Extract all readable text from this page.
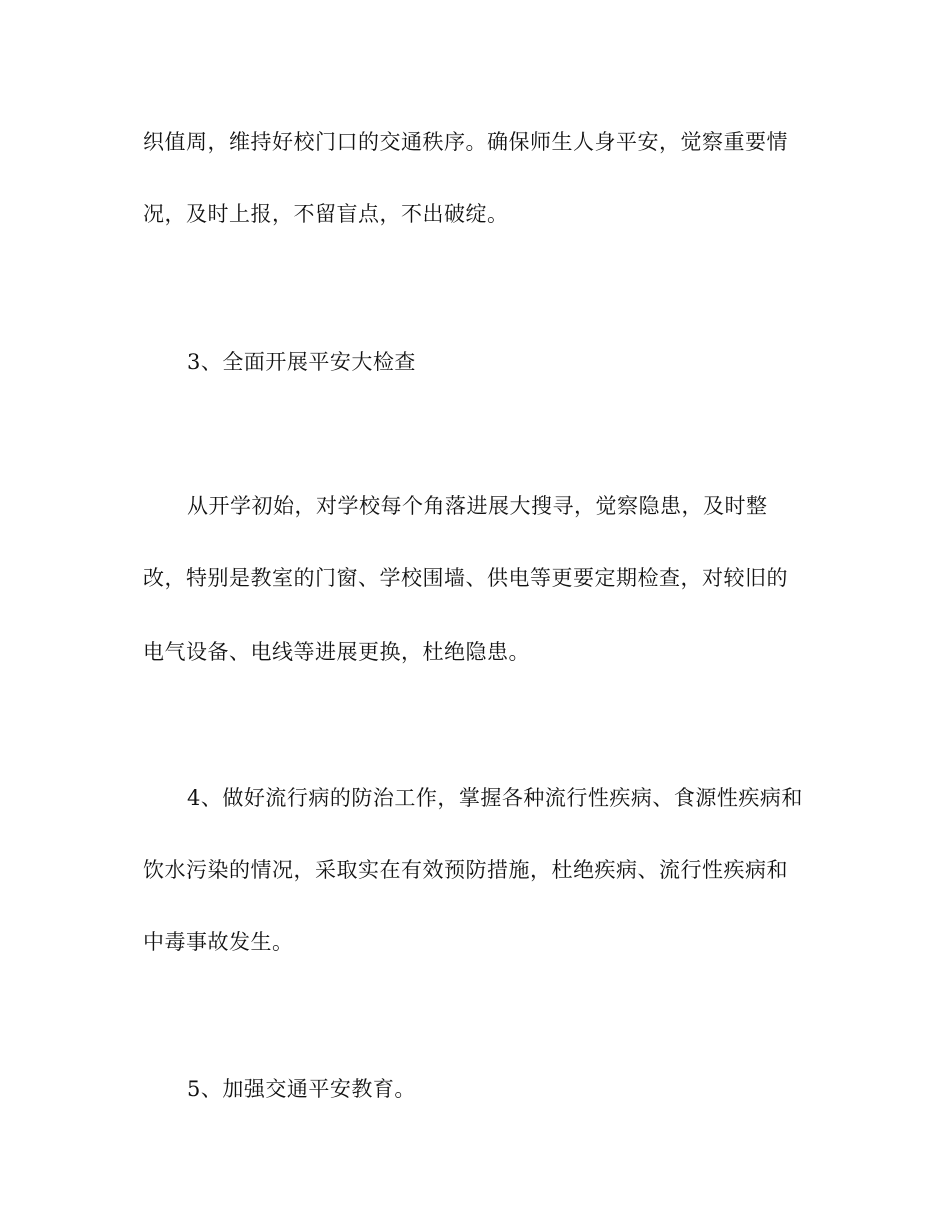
织值周，维持好校门口的交通秩序。确保师生人身平安，觉察重要情
况，及时上报，不留盲点，不出破绽。
3、全面开展平安大检查
从开学初始，对学校每个角落进展大搜寻，觉察隐患，及时整
改，特别是教室的门窗、学校围墙、供电等更要定期检查，对较旧的
电气设备、电线等进展更换，杜绝隐患。
4、做好流行病的防治工作，掌握各种流行性疾病、食源性疾病和
饮水污染的情况，采取实在有效预防措施，杜绝疾病、流行性疾病和
中毒事故发生。
5、加强交通平安教育。
